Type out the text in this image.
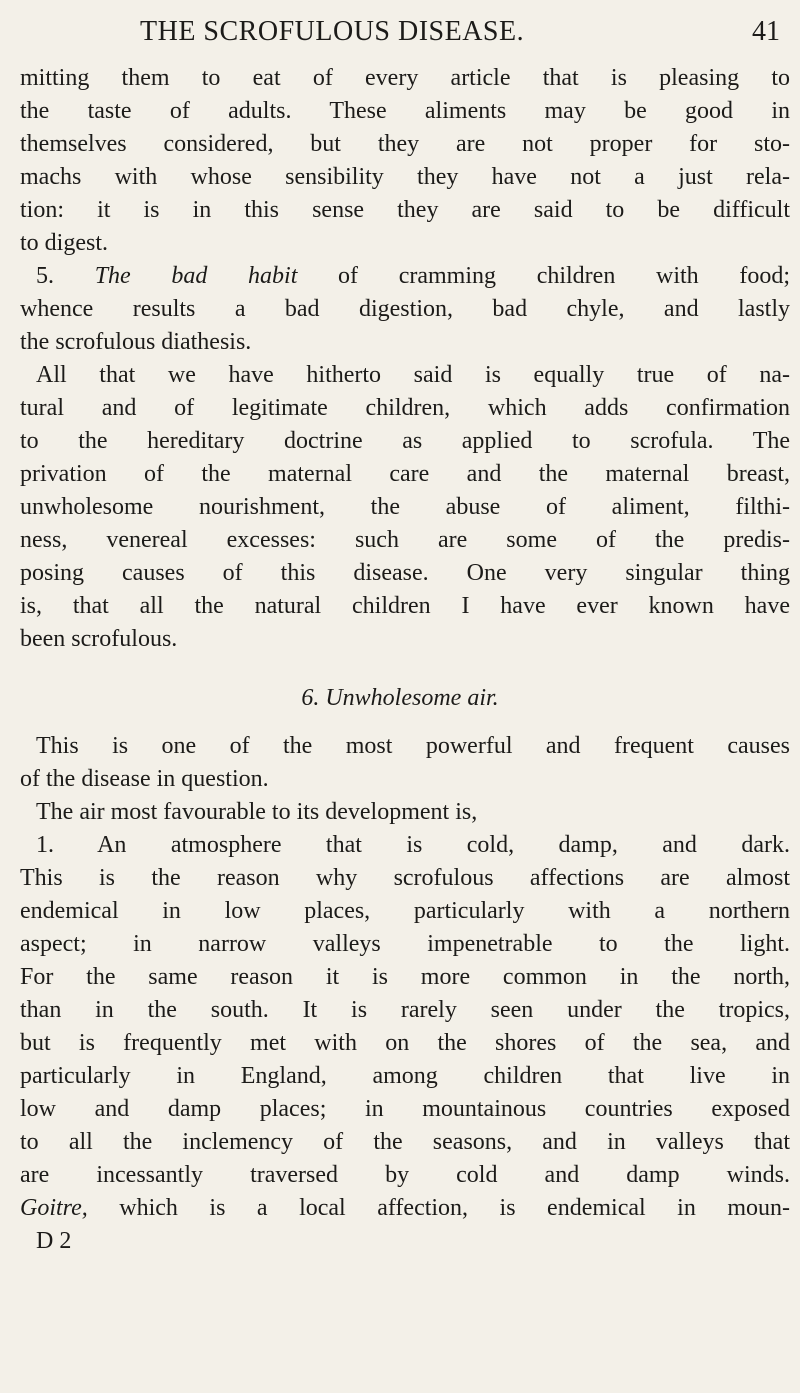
THE SCROFULOUS DISEASE.	41
mitting them to eat of every article that is pleasing to
the taste of adults. These aliments may be good in
themselves considered, but they are not proper for sto-
machs with whose sensibility they have not a just rela-
tion: it is in this sense they are said to be difficult
to digest.
5. The bad habit of cramming children with food;
whence results a bad digestion, bad chyle, and lastly
the scrofulous diathesis.
All that we have hitherto said is equally true of na-
tural and of legitimate children, which adds confirmation
to the hereditary doctrine as applied to scrofula. The
privation of the maternal care and the maternal breast,
unwholesome nourishment, the abuse of aliment, filthi-
ness, venereal excesses: such are some of the predis-
posing causes of this disease. One very singular thing
is, that all the natural children I have ever known have
been scrofulous.
6. Unwholesome air.
This is one of the most powerful and frequent causes
of the disease in question.
The air most favourable to its development is,
1. An atmosphere that is cold, damp, and dark.
This is the reason why scrofulous affections are almost
endemical in low places, particularly with a northern
aspect; in narrow valleys impenetrable to the light.
For the same reason it is more common in the north,
than in the south. It is rarely seen under the tropics,
but is frequently met with on the shores of the sea, and
particularly in England, among children that live in
low and damp places; in mountainous countries exposed
to all the inclemency of the seasons, and in valleys that
are incessantly traversed by cold and damp winds.
Goitre, which is a local affection, is endemical in moun-
D 2
